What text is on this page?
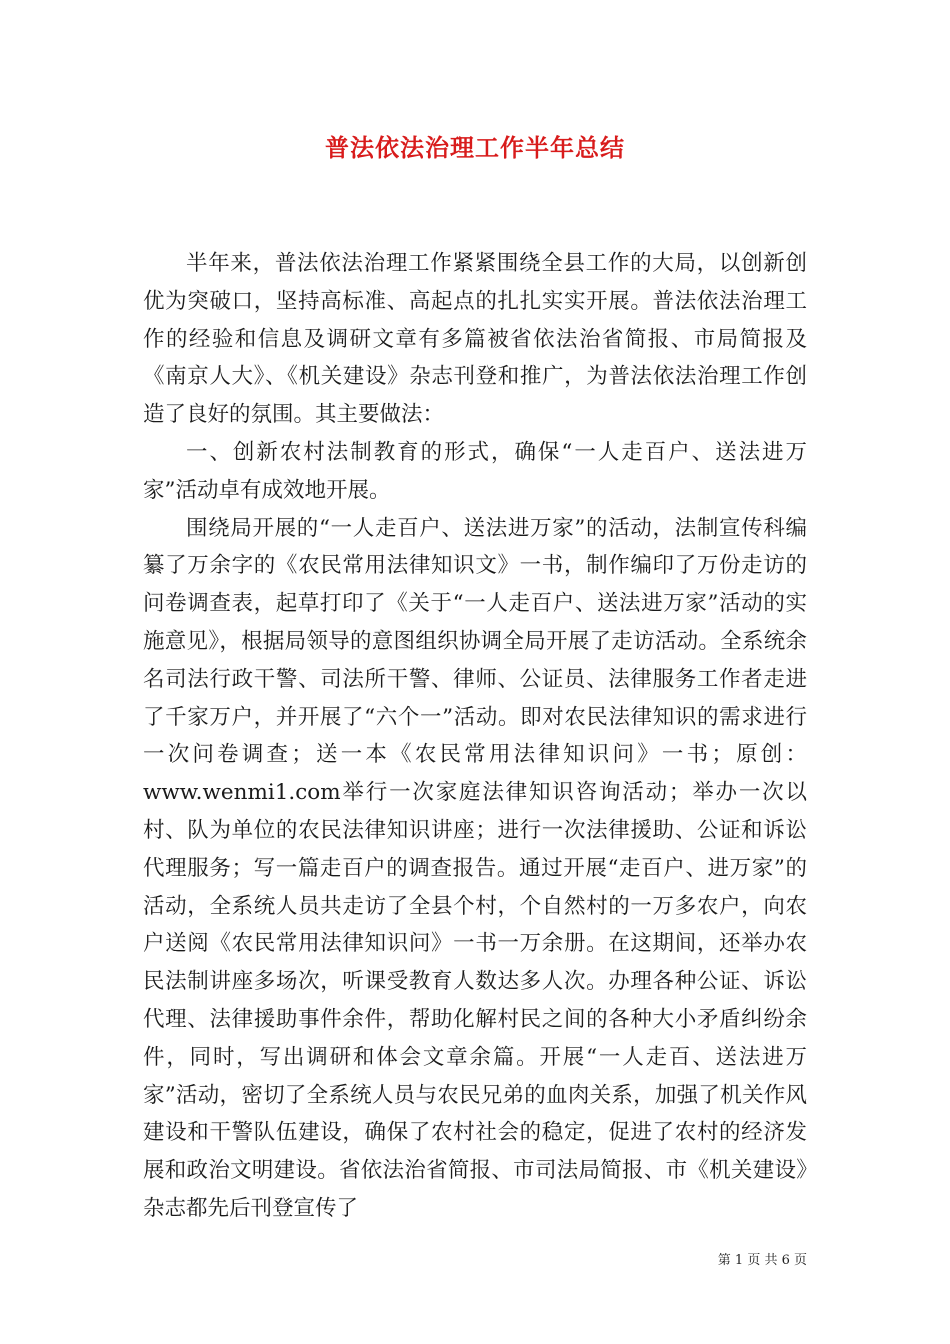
普法依法治理工作半年总结

半年来，普法依法治理工作紧紧围绕全县工作的大局，以创新创优为突破口，坚持高标准、高起点的扎扎实实开展。普法依法治理工作的经验和信息及调研文章有多篇被省依法治省简报、市局简报及《南京人大》、《机关建设》杂志刊登和推广，为普法依法治理工作创造了良好的氛围。其主要做法：

一、创新农村法制教育的形式，确保“一人走百户、送法进万家”活动卓有成效地开展。

围绕局开展的“一人走百户、送法进万家”的活动，法制宣传科编纂了万余字的《农民常用法律知识文》一书，制作编印了万份走访的问卷调查表，起草打印了《关于“一人走百户、送法进万家”活动的实施意见》，根据局领导的意图组织协调全局开展了走访活动。全系统余名司法行政干警、司法所干警、律师、公证员、法律服务工作者走进了千家万户，并开展了“六个一”活动。即对农民法律知识的需求进行一次问卷调查；送一本《农民常用法律知识问》一书；原创：www.wenmi1.com举行一次家庭法律知识咨询活动；举办一次以村、队为单位的农民法律知识讲座；进行一次法律援助、公证和诉讼代理服务；写一篇走百户的调查报告。通过开展“走百户、进万家”的活动，全系统人员共走访了全县个村，个自然村的一万多农户，向农户送阅《农民常用法律知识问》一书一万余册。在这期间，还举办农民法制讲座多场次，听课受教育人数达多人次。办理各种公证、诉讼代理、法律援助事件余件，帮助化解村民之间的各种大小矛盾纠纷余件，同时，写出调研和体会文章余篇。开展“一人走百、送法进万家”活动，密切了全系统人员与农民兄弟的血肉关系，加强了机关作风建设和干警队伍建设，确保了农村社会的稳定，促进了农村的经济发展和政治文明建设。省依法治省简报、市司法局简报、市《机关建设》杂志都先后刊登宣传了

第 1 页 共 6 页
